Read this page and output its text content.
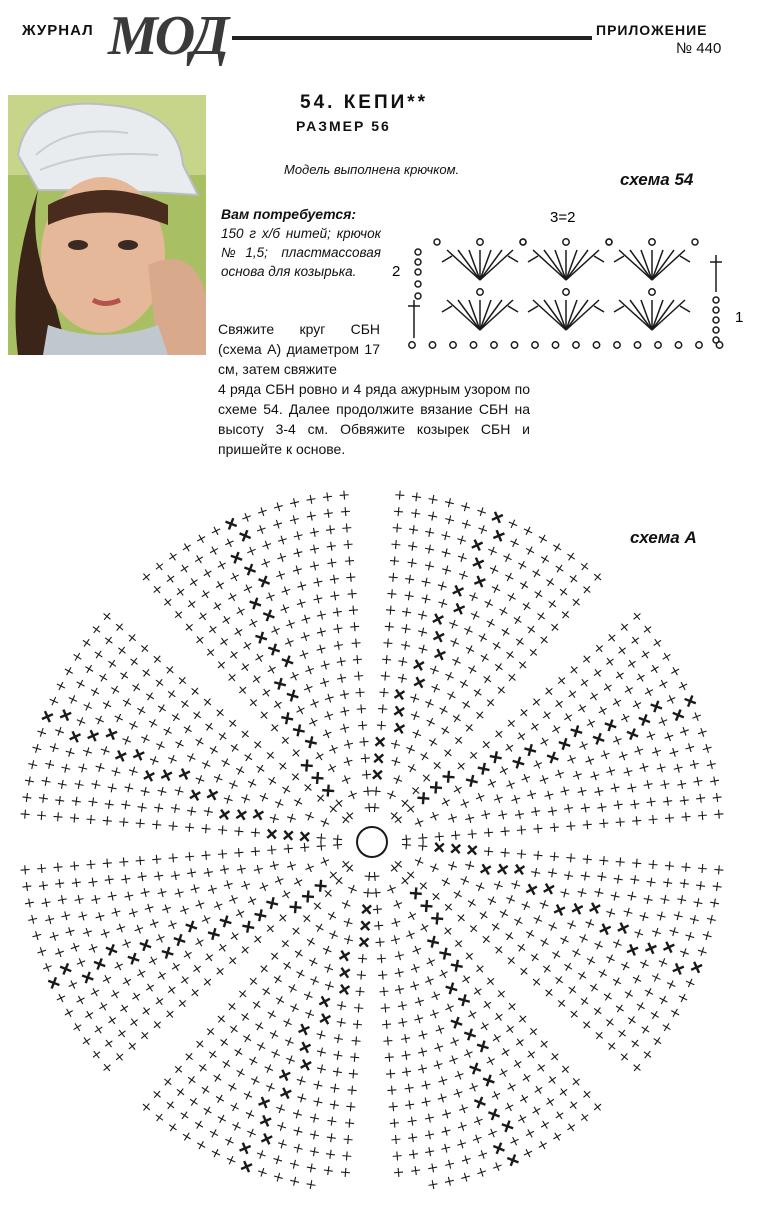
ЖУРНАЛ МОД	ПРИЛОЖЕНИЕ
№ 440
54. КЕПИ**
РАЗМЕР 56
Модель выполнена крючком.
схема 54
Вам потребуется:
150 г х/б нитей; крючок №1,5; пластмассовая основа для козырька.
Свяжите круг СБН (схема А) диаметром 17 см, затем свяжите
4 ряда СБН ровно и 4 ряда ажурным узором по схеме 54. Далее продолжите вязание СБН на высоту 3-4 см. Обвяжите козырек СБН и пришейте к основе.
3=2
2
1
схема А
